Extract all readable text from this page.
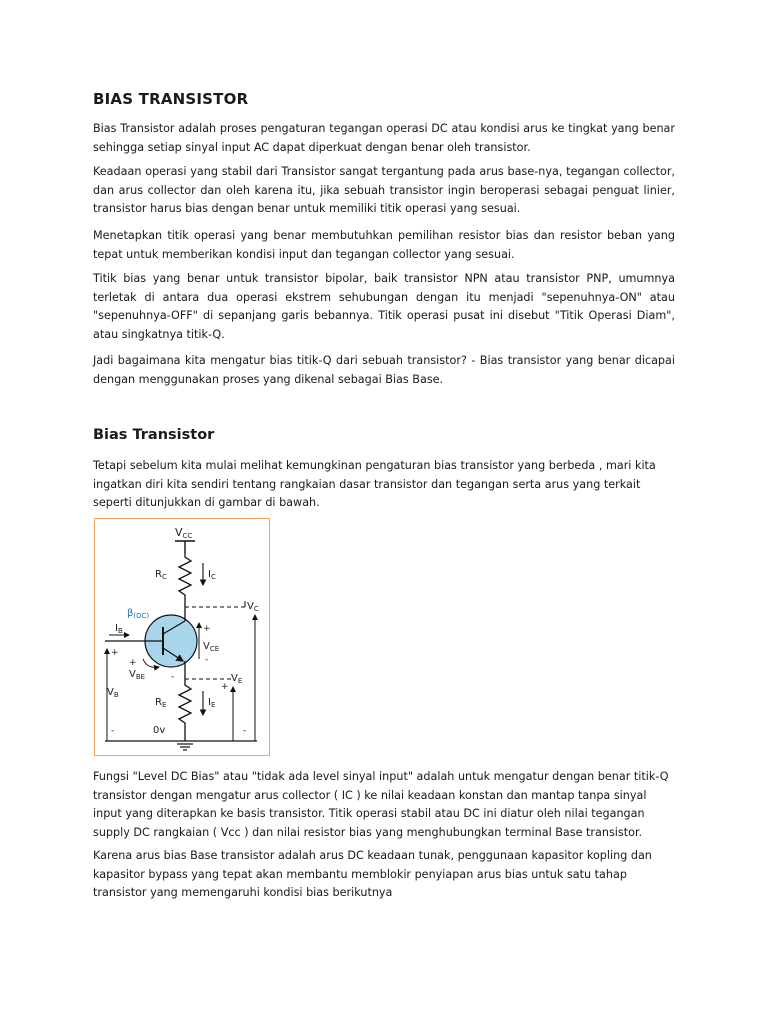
BIAS TRANSISTOR

Bias Transistor adalah proses pengaturan tegangan operasi DC atau kondisi arus ke tingkat yang benar sehingga setiap sinyal input AC dapat diperkuat dengan benar oleh transistor.

Keadaan operasi yang stabil dari Transistor sangat tergantung pada arus base-nya, tegangan collector, dan arus collector dan oleh karena itu, jika sebuah transistor ingin beroperasi sebagai penguat linier, transistor harus bias dengan benar untuk memiliki titik operasi yang sesuai.

Menetapkan titik operasi yang benar membutuhkan pemilihan resistor bias dan resistor beban yang tepat untuk memberikan kondisi input dan tegangan collector yang sesuai.

Titik bias yang benar untuk transistor bipolar, baik transistor NPN atau transistor PNP, umumnya terletak di antara dua operasi ekstrem sehubungan dengan itu menjadi "sepenuhnya-ON" atau "sepenuhnya-OFF" di sepanjang garis bebannya. Titik operasi pusat ini disebut "Titik Operasi Diam", atau singkatnya titik-Q.

Jadi bagaimana kita mengatur bias titik-Q dari sebuah transistor? - Bias transistor yang benar dicapai dengan menggunakan proses yang dikenal sebagai Bias Base.

Bias Transistor

Tetapi sebelum kita mulai melihat kemungkinan pengaturan bias transistor yang berbeda , mari kita ingatkan diri kita sendiri tentang rangkaian dasar transistor dan tegangan serta arus yang terkait seperti ditunjukkan di gambar di bawah.

Fungsi "Level DC Bias" atau "tidak ada level sinyal input" adalah untuk mengatur dengan benar titik-Q transistor dengan mengatur arus collector ( IC ) ke nilai keadaan konstan dan mantap tanpa sinyal input yang diterapkan ke basis transistor. Titik operasi stabil atau DC ini diatur oleh nilai tegangan supply DC rangkaian ( Vcc ) dan nilai resistor bias yang menghubungkan terminal Base transistor.

Karena arus bias Base transistor adalah arus DC keadaan tunak, penggunaan kapasitor kopling dan kapasitor bypass yang tepat akan membantu memblokir penyiapan arus bias untuk satu tahap transistor yang memengaruhi kondisi bias berikutnya

VCC
$R_C$	$I_C$
$V_C$
$\beta_{(DC)}$
$I_B$	+
$V_{CE}$
-
+
$V_{BE}$	-	$V_E$
+
$R_E$	$I_E$
+
$V_B$
-	0v	-
